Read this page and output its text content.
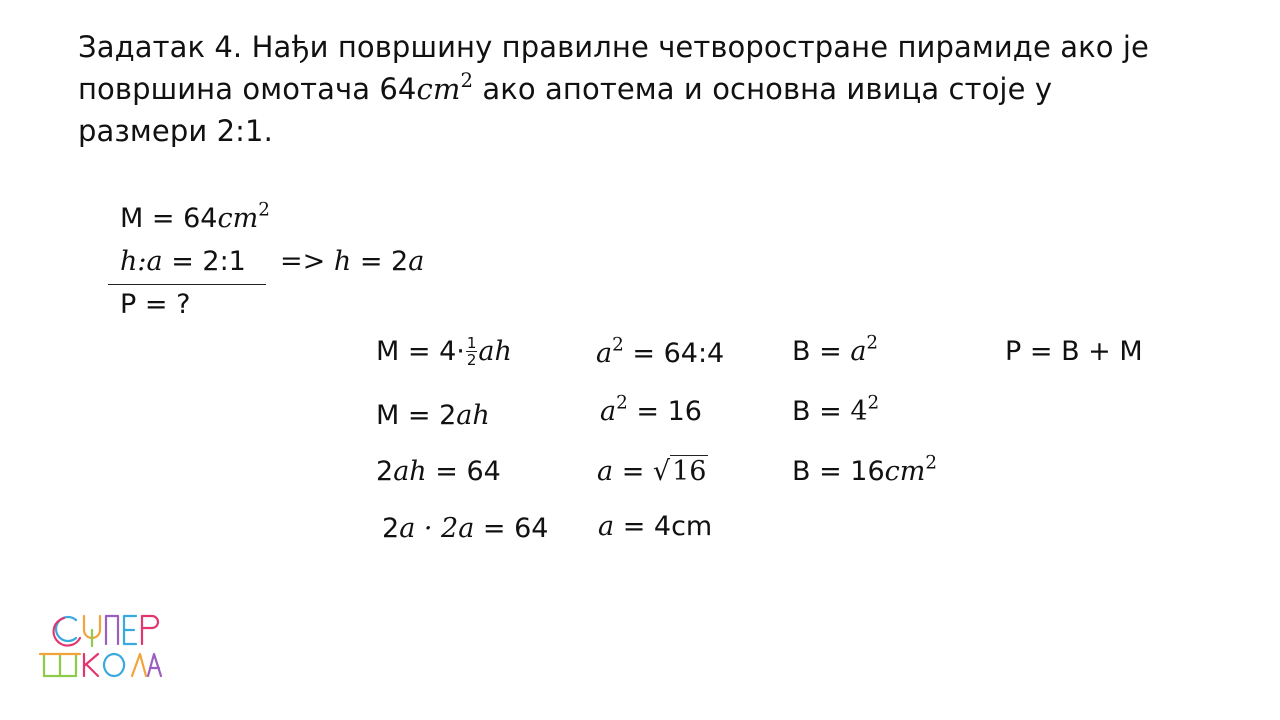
Задатак 4. Нађи површину правилне четворостране пирамиде ако је
површина омотача $64cm^2$ ако апотема и основна ивица стоје у
размери 2:1.
$M = 64cm^2$
h:a = 2:1 => h = 2a
P = ?
$M = 4\cdot \frac{1}{2}$ ah
M = 2ah
2ah = 64
2a · 2a = 64
$a^2$ = 64:4
$a^2 = 16$
a = √16
a = 4cm
$B = a^2$
$B = 4^2$
$B = 16cm^2$
P = B + M
